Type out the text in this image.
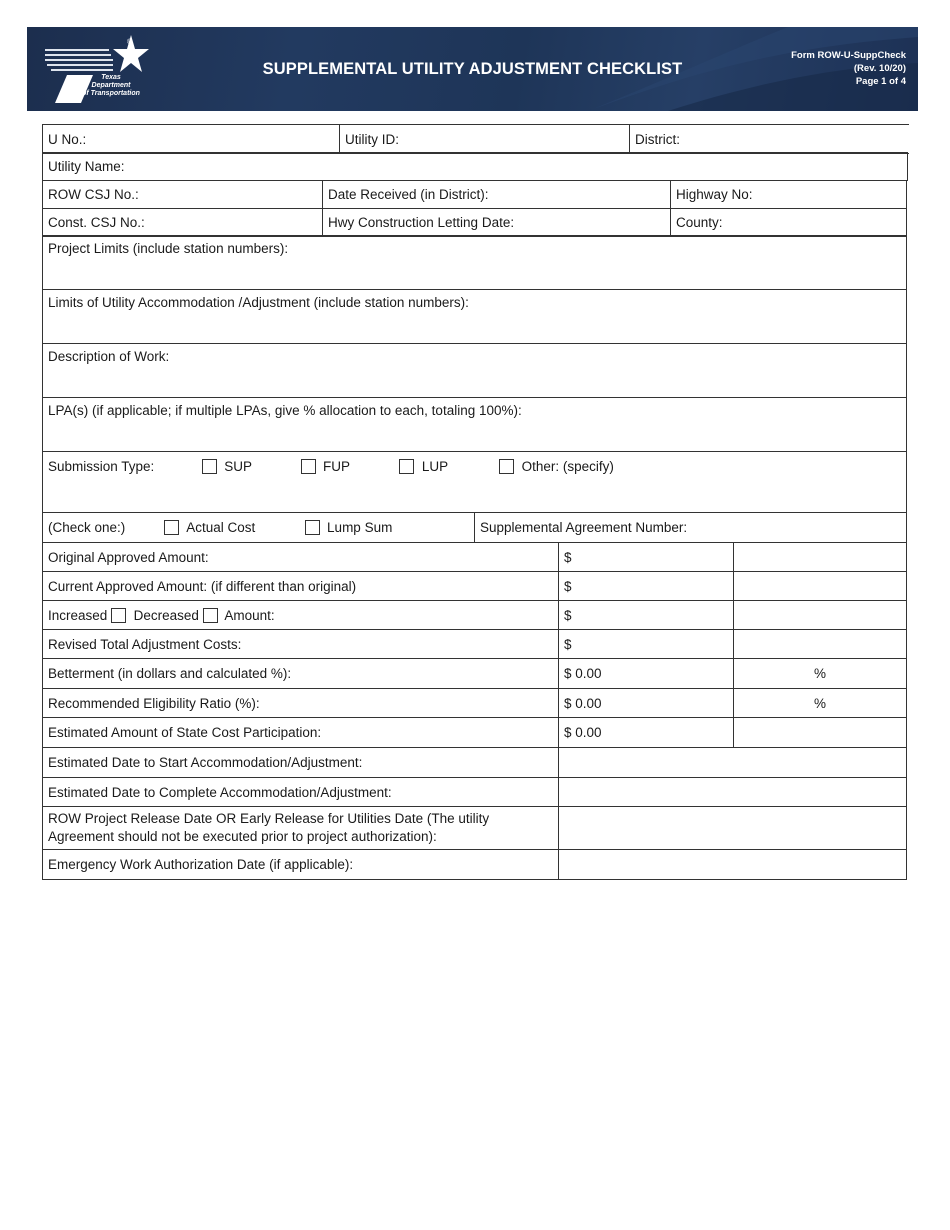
®
Texas
Department
of Transportation
SUPPLEMENTAL UTILITY ADJUSTMENT CHECKLIST
Form ROW-U-SuppCheck
(Rev. 10/20)
Page 1 of 4
U No.:	Utility ID:	District:
Utility Name:
ROW CSJ No.:	Date Received (in District):	Highway No:
Const. CSJ No.:	Hwy Construction Letting Date:	County:
Project Limits (include station numbers):
Limits of Utility Accommodation /Adjustment (include station numbers):
Description of Work:
LPA(s) (if applicable; if multiple LPAs, give % allocation to each, totaling 100%):
Submission Type:	SUP	FUP	LUP	Other: (specify)
(Check one:)	Actual Cost	Lump Sum	Supplemental Agreement Number:
Original Approved Amount:	$	
Current Approved Amount: (if different than original)	$	
Increased Decreased Amount:	$	
Revised Total Adjustment Costs:	$	
Betterment (in dollars and calculated %):	$ 0.00	%
Recommended Eligibility Ratio (%):	$ 0.00	%
Estimated Amount of State Cost Participation:	$ 0.00	
Estimated Date to Start Accommodation/Adjustment:	
Estimated Date to Complete Accommodation/Adjustment:	
ROW Project Release Date OR Early Release for Utilities Date (The utility
Agreement should not be executed prior to project authorization):	
Emergency Work Authorization Date (if applicable):	
